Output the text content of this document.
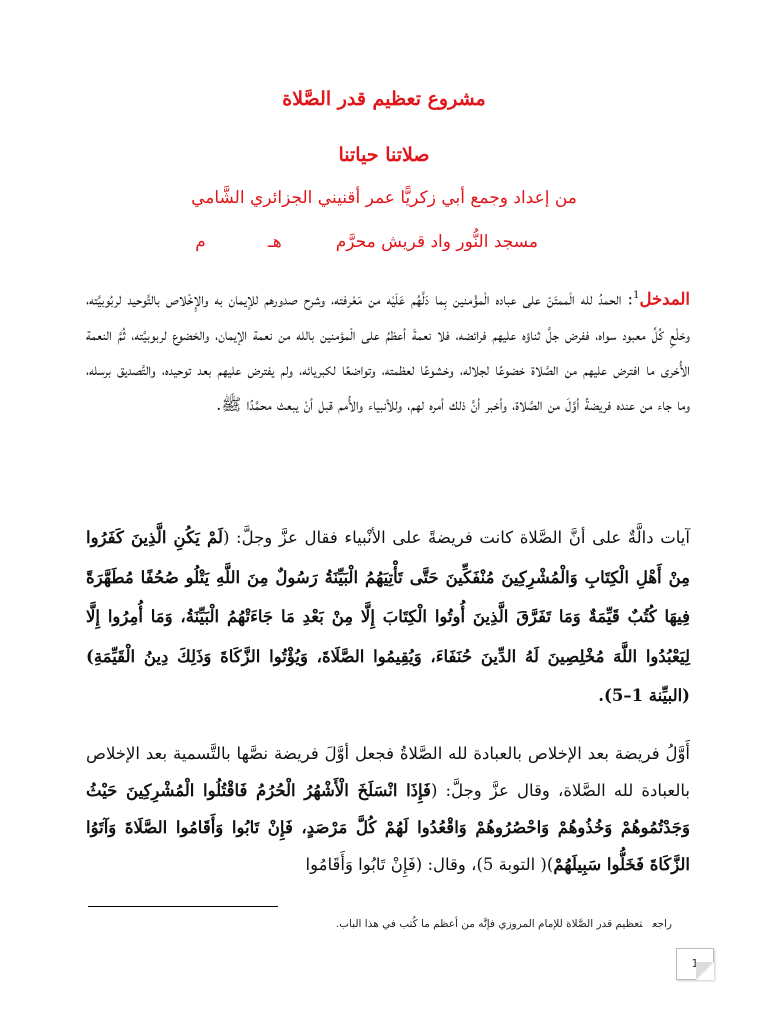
مشروع تعظيم قدر الصَّلاة
صلاتنا حياتنا
من إعداد وجمع أبي زكريًّا عمر أقنيني الجزائري الشَّامي
مسجد النُّور واد قريش محرَّمهـم
المدخل$^1$: الحمدُ لله الْممتَنّ على عباده الْمؤْمنين بِما دَلَّهُم عَلَيْه من مَعْرفته، وشرح صدورهم للإيمان به والإِخْلاص بالتَّوحيد لربُوبيَّته، وخلْعِ كُلِّ معبود سواه، ففرض جلَّ ثناؤه عليهم فرائضه، فلا نعمةَ أعظمُ على الْمؤمنين بالله من نعمة الإيمان، والخضوع لربوبيَّته، ثُمَّ النعمة الأُخرى ما افترض عليهم من الصَّلاة خضوعًا لجلاله، وخشوعًا لعظمته، وتواضعًا لكبريائه، ولم يفترض عليهم بعد توحيده، والتَّصديق برسله، وما جاء من عنده فريضةً أوَّلَ من الصَّلاة، وأخبر أنَّ ذلك أمره لهم، وللأنبياء والأُمم قبل أنْ يبعث محمَّدًا ﷺ.
آيات دالَّةٌ على أنَّ الصَّلاة كانت فريضةً على الأنْبياء فقال عزَّ وجلَّ: (لَمْ يَكُنِ الَّذِينَ كَفَرُوا مِنْ أَهْلِ الْكِتَابِ وَالْمُشْرِكِينَ مُنْفَكِّينَ حَتَّى تَأْتِيَهُمُ الْبَيِّنَةُ رَسُولٌ مِنَ اللَّهِ يَتْلُو صُحُفًا مُطَهَّرَةً فِيهَا كُتُبٌ قَيِّمَةٌ وَمَا تَفَرَّقَ الَّذِينَ أُوتُوا الْكِتَابَ إِلَّا مِنْ بَعْدِ مَا جَاءَتْهُمُ الْبَيِّنَةُ، وَمَا أُمِرُوا إِلَّا لِيَعْبُدُوا اللَّهَ مُخْلِصِينَ لَهُ الدِّينَ حُنَفَاءَ، وَيُقِيمُوا الصَّلَاةَ، وَيُؤْتُوا الزَّكَاةَ وَذَلِكَ دِينُ الْقَيِّمَةِ)(البيِّنة 1–5).
أَوَّلُ فريضة بعد الإخلاص بالعبادة لله الصَّلاةُ فجعل أوَّلَ فريضة نصَّها بالتَّسمية بعد الإخلاص بالعبادة لله الصَّلاة، وقال عزَّ وجلَّ: (فَإِذَا انْسَلَخَ الْأَشْهُرُ الْحُرُمُ فَاقْتُلُوا الْمُشْرِكِينَ حَيْثُ وَجَدْتُمُوهُمْ وَخُذُوهُمْ وَاحْصُرُوهُمْ وَاقْعُدُوا لَهُمْ كُلَّ مَرْصَدٍ، فَإِنْ تَابُوا وَأَقَامُوا الصَّلَاةَ وَآتَوُا الزَّكَاةَ فَخَلُّوا سَبِيلَهُمْ)( التوبة 5)، وقال: (فَإِنْ تَابُوا وَأَقَامُوا
راجعتعظيم قدر الصَّلاة للإمام المروزي فإنَّه من أعظم ما كُتب في هذا الباب.
1
